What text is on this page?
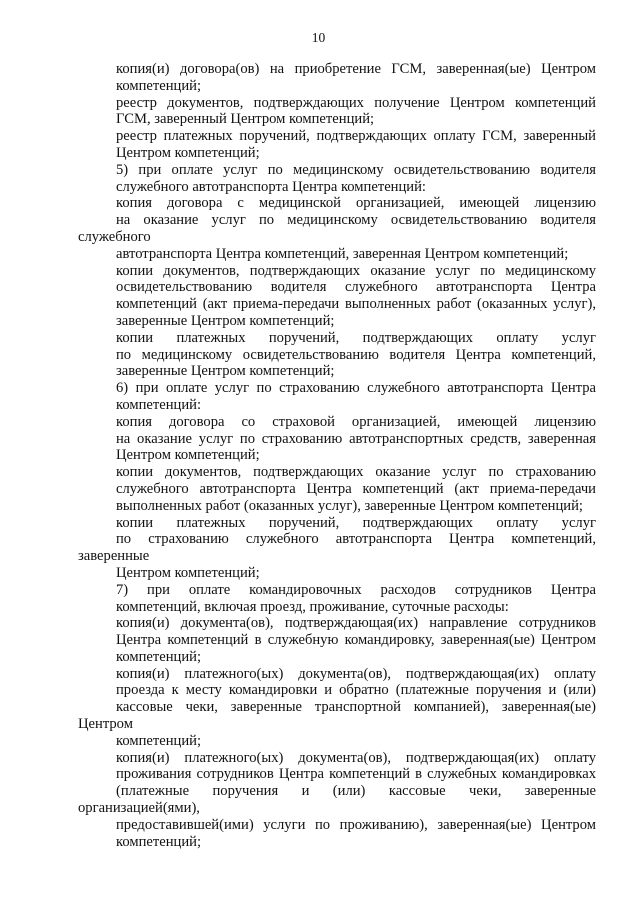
10

копия(и) договора(ов) на приобретение ГСМ, заверенная(ые) Центром
компетенций;

реестр документов, подтверждающих получение Центром компетенций
ГСМ, заверенный Центром компетенций;

реестр платежных поручений, подтверждающих оплату ГСМ, заверенный
Центром компетенций;

5) при оплате услуг по медицинскому освидетельствованию водителя
служебного автотранспорта Центра компетенций:

копия договора с медицинской организацией, имеющей лицензию
на оказание услуг по медицинскому освидетельствованию водителя служебного
автотранспорта Центра компетенций, заверенная Центром компетенций;

копии документов, подтверждающих оказание услуг по медицинскому
освидетельствованию водителя служебного автотранспорта Центра
компетенций (акт приема-передачи выполненных работ (оказанных услуг),
заверенные Центром компетенций;

копии платежных поручений, подтверждающих оплату услуг
по медицинскому освидетельствованию водителя Центра компетенций,
заверенные Центром компетенций;

6) при оплате услуг по страхованию служебного автотранспорта Центра
компетенций:

копия договора со страховой организацией, имеющей лицензию
на оказание услуг по страхованию автотранспортных средств, заверенная
Центром компетенций;

копии документов, подтверждающих оказание услуг по страхованию
служебного автотранспорта Центра компетенций (акт приема-передачи
выполненных работ (оказанных услуг), заверенные Центром компетенций;

копии платежных поручений, подтверждающих оплату услуг
по страхованию служебного автотранспорта Центра компетенций, заверенные
Центром компетенций;

7) при оплате командировочных расходов сотрудников Центра
компетенций, включая проезд, проживание, суточные расходы:

копия(и) документа(ов), подтверждающая(их) направление сотрудников
Центра компетенций в служебную командировку, заверенная(ые) Центром
компетенций;

копия(и) платежного(ых) документа(ов), подтверждающая(их) оплату
проезда к месту командировки и обратно (платежные поручения и (или)
кассовые чеки, заверенные транспортной компанией), заверенная(ые) Центром
компетенций;

копия(и) платежного(ых) документа(ов), подтверждающая(их) оплату
проживания сотрудников Центра компетенций в служебных командировках
(платежные поручения и (или) кассовые чеки, заверенные организацией(ями),
предоставившей(ими) услуги по проживанию), заверенная(ые) Центром
компетенций;
